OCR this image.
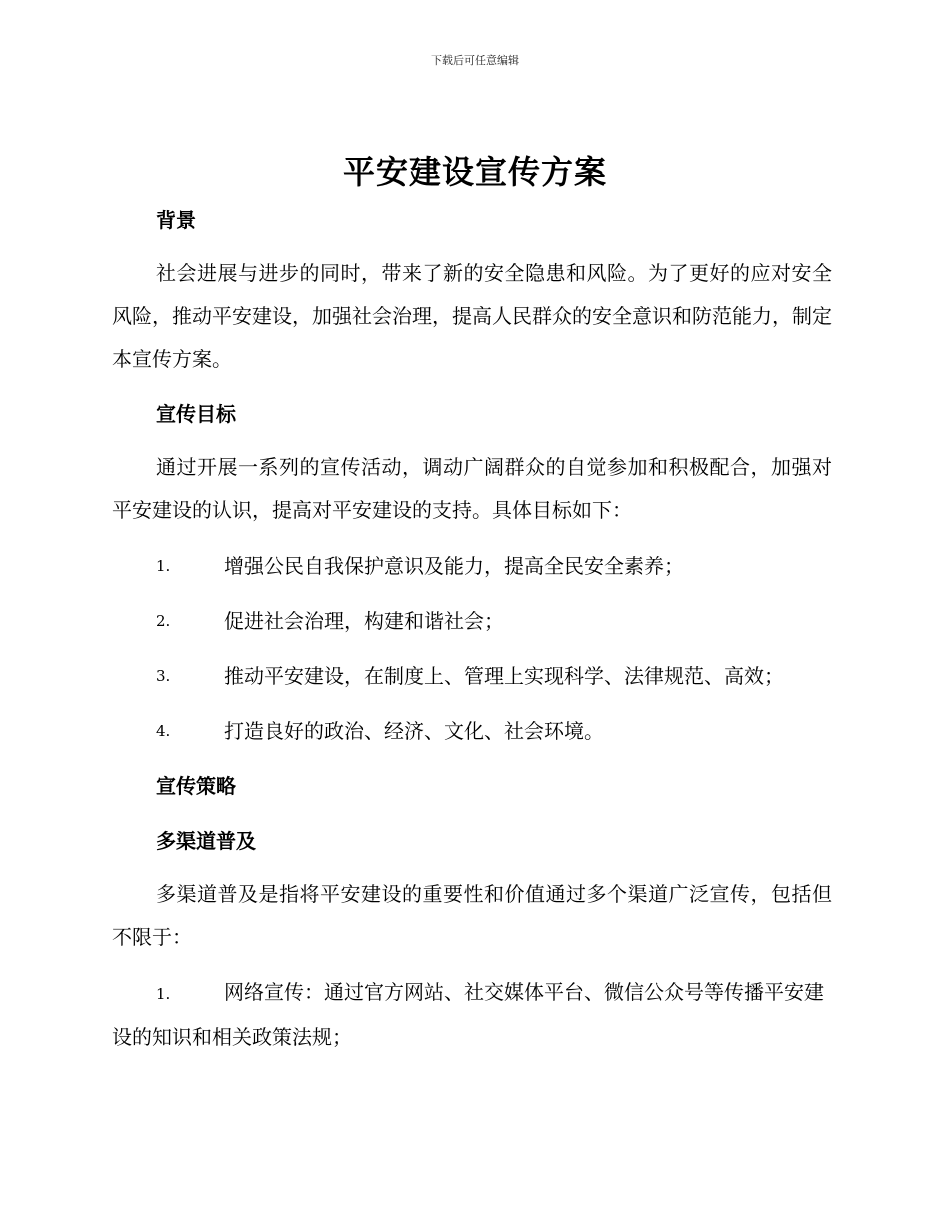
下载后可任意编辑
平安建设宣传方案
背景
社会进展与进步的同时，带来了新的安全隐患和风险。为了更好的应对安全风险，推动平安建设，加强社会治理，提高人民群众的安全意识和防范能力，制定本宣传方案。
宣传目标
通过开展一系列的宣传活动，调动广阔群众的自觉参加和积极配合，加强对平安建设的认识，提高对平安建设的支持。具体目标如下：
1.	增强公民自我保护意识及能力，提高全民安全素养；
2.	促进社会治理，构建和谐社会；
3.	推动平安建设，在制度上、管理上实现科学、法律规范、高效；
4.	打造良好的政治、经济、文化、社会环境。
宣传策略
多渠道普及
多渠道普及是指将平安建设的重要性和价值通过多个渠道广泛宣传，包括但不限于：
1.	网络宣传：通过官方网站、社交媒体平台、微信公众号等传播平安建设的知识和相关政策法规；
